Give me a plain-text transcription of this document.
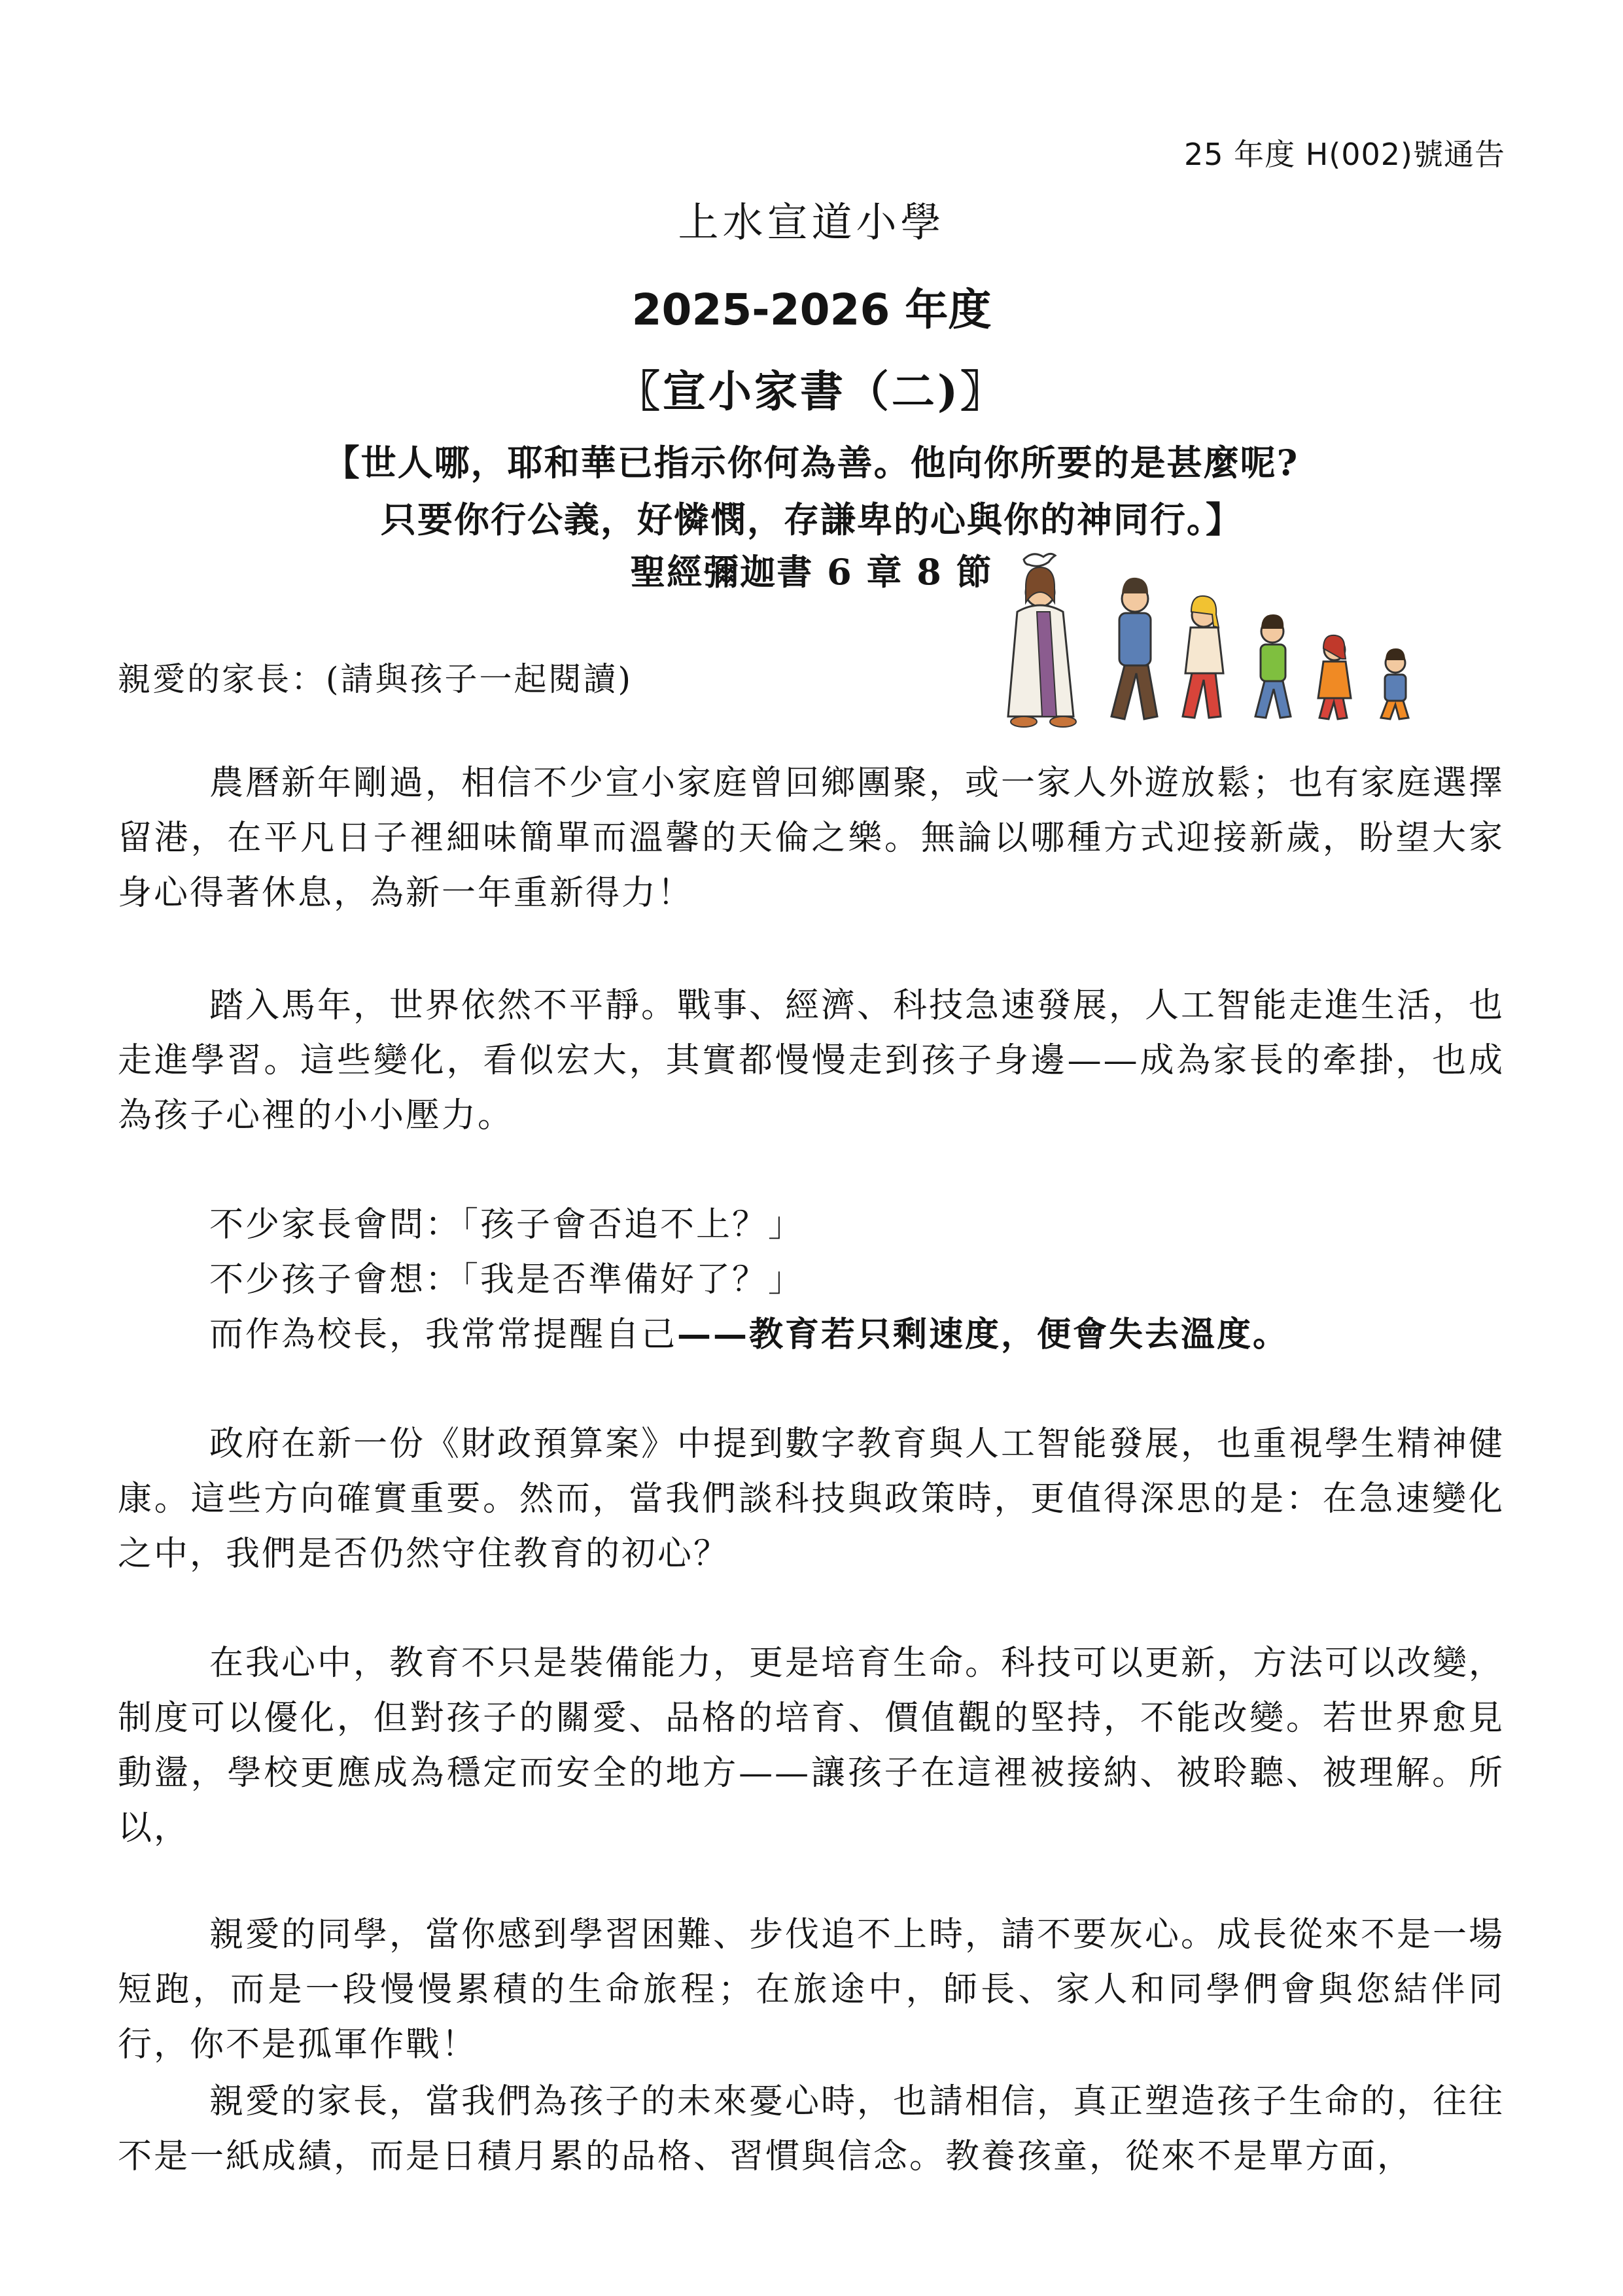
25 年度 H(002)號通告
上水宣道小學
2025-2026 年度
〖宣小家書（二)〗
【世人哪，耶和華已指示你何為善。他向你所要的是甚麼呢?
只要你行公義，好憐憫，存謙卑的心與你的神同行。】
聖經彌迦書 6 章 8 節
親愛的家長：(請與孩子一起閱讀)

農曆新年剛過，相信不少宣小家庭曾回鄉團聚，或一家人外遊放鬆；也有家庭選擇留港，在平凡日子裡細味簡單而溫馨的天倫之樂。無論以哪種方式迎接新歲，盼望大家身心得著休息，為新一年重新得力！

踏入馬年，世界依然不平靜。戰事、經濟、科技急速發展，人工智能走進生活，也走進學習。這些變化，看似宏大，其實都慢慢走到孩子身邊——成為家長的牽掛，也成為孩子心裡的小小壓力。

不少家長會問：「孩子會否追不上？」
不少孩子會想：「我是否準備好了？」
而作為校長，我常常提醒自己——教育若只剩速度，便會失去溫度。

政府在新一份《財政預算案》中提到數字教育與人工智能發展，也重視學生精神健康。這些方向確實重要。然而，當我們談科技與政策時，更值得深思的是：在急速變化之中，我們是否仍然守住教育的初心？

在我心中，教育不只是裝備能力，更是培育生命。科技可以更新，方法可以改變，制度可以優化，但對孩子的關愛、品格的培育、價值觀的堅持，不能改變。若世界愈見動盪，學校更應成為穩定而安全的地方——讓孩子在這裡被接納、被聆聽、被理解。所以，

親愛的同學，當你感到學習困難、步伐追不上時，請不要灰心。成長從來不是一場短跑，而是一段慢慢累積的生命旅程；在旅途中，師長、家人和同學們會與您結伴同行，你不是孤軍作戰！

親愛的家長，當我們為孩子的未來憂心時，也請相信，真正塑造孩子生命的，往往不是一紙成績，而是日積月累的品格、習慣與信念。教養孩童，從來不是單方面，
